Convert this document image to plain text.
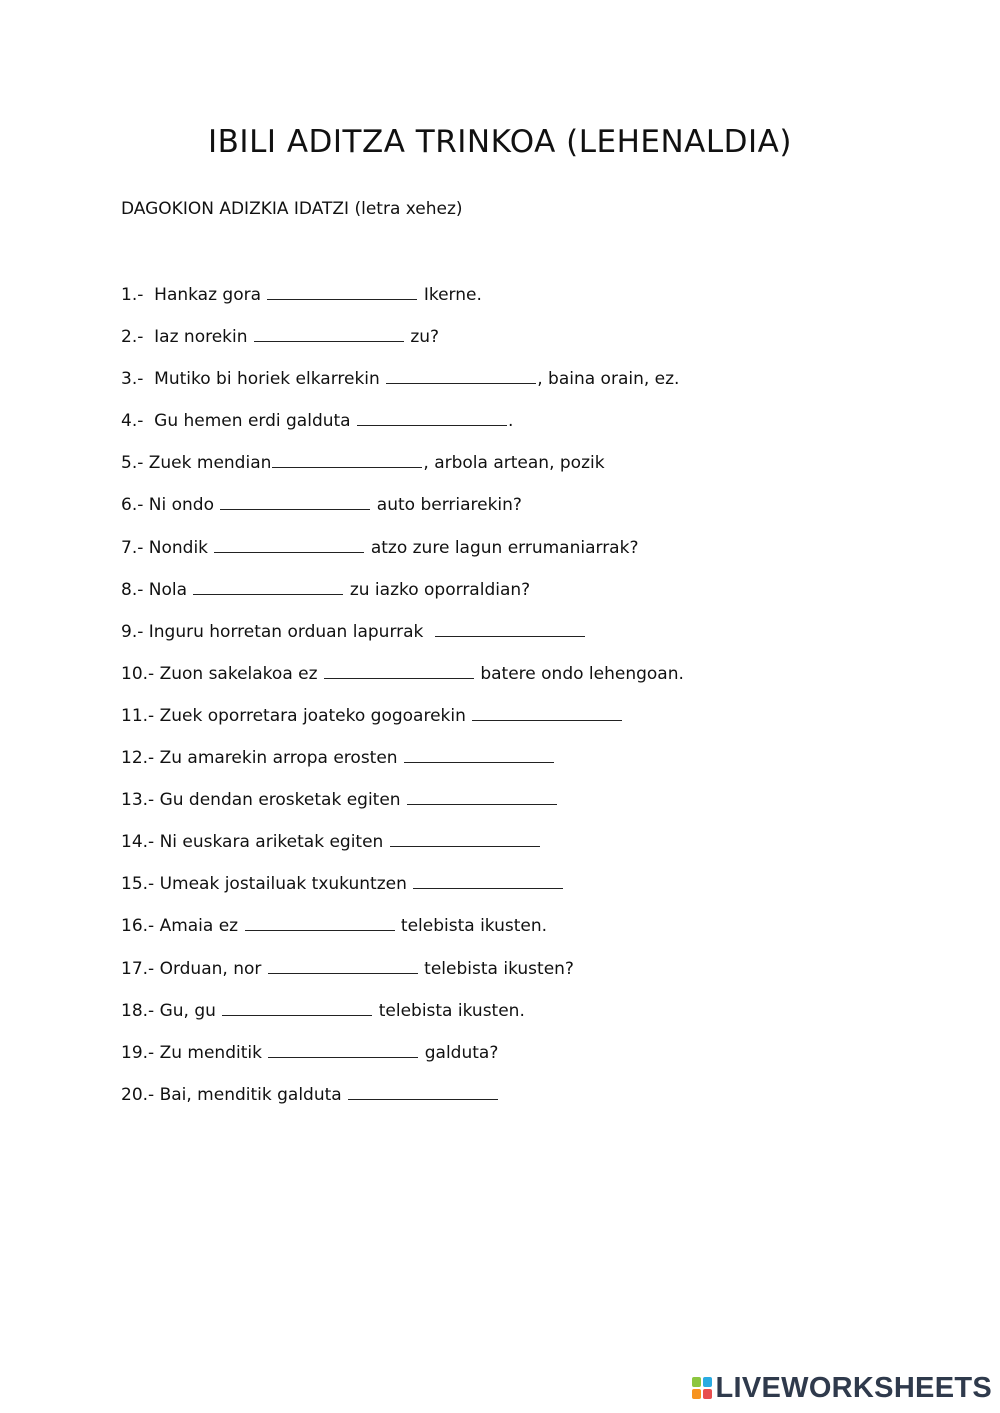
IBILI ADITZA TRINKOA (LEHENALDIA)
DAGOKION ADIZKIA IDATZI (letra xehez)
1.-  Hankaz gora	Ikerne.
2.-  Iaz norekin	zu?
3.-  Mutiko bi horiek elkarrekin	, baina orain, ez.
4.-  Gu hemen erdi galduta	.
5.- Zuek mendian	, arbola artean, pozik
6.- Ni ondo	auto berriarekin?
7.- Nondik	atzo zure lagun errumaniarrak?
8.- Nola	zu iazko oporraldian?
9.- Inguru horretan orduan lapurrak
10.- Zuon sakelakoa ez	batere ondo lehengoan.
11.- Zuek oporretara joateko gogoarekin
12.- Zu amarekin arropa erosten
13.- Gu dendan erosketak egiten
14.- Ni euskara ariketak egiten
15.- Umeak jostailuak txukuntzen
16.- Amaia ez	telebista ikusten.
17.- Orduan, nor	telebista ikusten?
18.- Gu, gu	telebista ikusten.
19.- Zu menditik	galduta?
20.- Bai, menditik galduta
LIVEWORKSHEETS
